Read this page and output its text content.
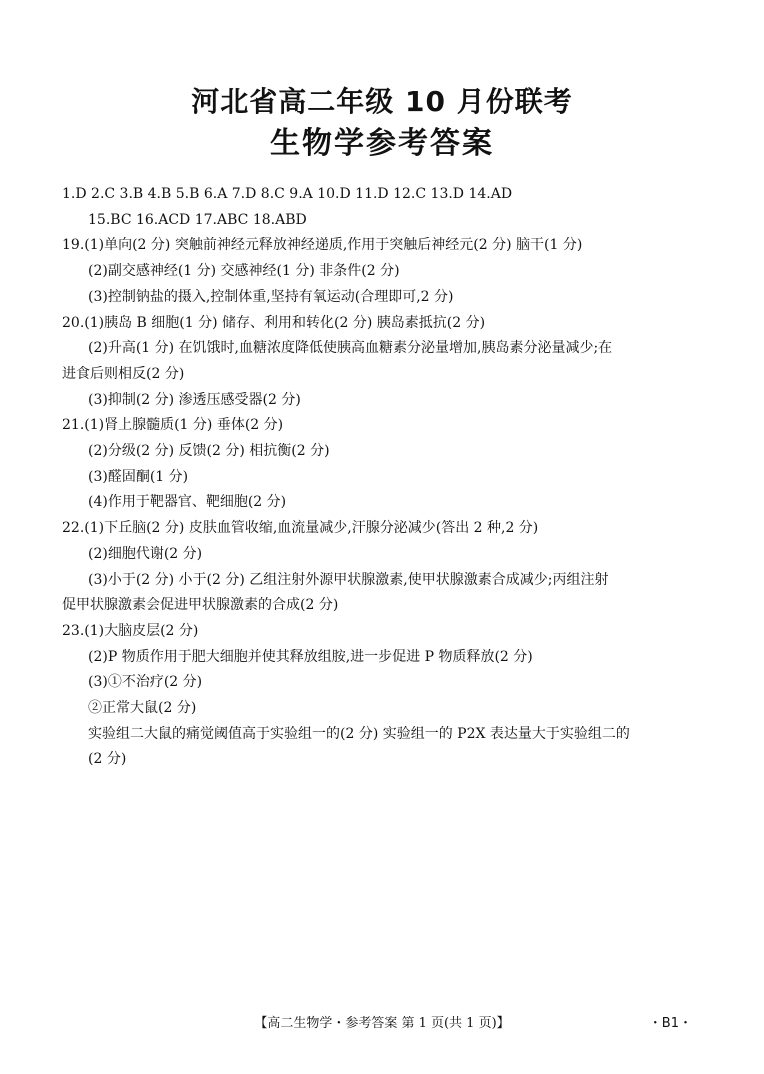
河北省高二年级 10 月份联考
生物学参考答案
1.D 2.C 3.B 4.B 5.B 6.A 7.D 8.C 9.A 10.D 11.D 12.C 13.D 14.AD
15.BC 16.ACD 17.ABC 18.ABD
19.(1)单向(2 分) 突触前神经元释放神经递质,作用于突触后神经元(2 分) 脑干(1 分)
(2)副交感神经(1 分) 交感神经(1 分) 非条件(2 分)
(3)控制钠盐的摄入,控制体重,坚持有氧运动(合理即可,2 分)
20.(1)胰岛 B 细胞(1 分) 储存、利用和转化(2 分) 胰岛素抵抗(2 分)
(2)升高(1 分) 在饥饿时,血糖浓度降低使胰高血糖素分泌量增加,胰岛素分泌量减少;在
进食后则相反(2 分)
(3)抑制(2 分) 渗透压感受器(2 分)
21.(1)肾上腺髓质(1 分) 垂体(2 分)
(2)分级(2 分) 反馈(2 分) 相抗衡(2 分)
(3)醛固酮(1 分)
(4)作用于靶器官、靶细胞(2 分)
22.(1)下丘脑(2 分) 皮肤血管收缩,血流量减少,汗腺分泌减少(答出 2 种,2 分)
(2)细胞代谢(2 分)
(3)小于(2 分) 小于(2 分) 乙组注射外源甲状腺激素,使甲状腺激素合成减少;丙组注射
促甲状腺激素会促进甲状腺激素的合成(2 分)
23.(1)大脑皮层(2 分)
(2)P 物质作用于肥大细胞并使其释放组胺,进一步促进 P 物质释放(2 分)
(3)①不治疗(2 分)
②正常大鼠(2 分)
实验组二大鼠的痛觉阈值高于实验组一的(2 分) 实验组一的 P2X 表达量大于实验组二的
(2 分)
【高二生物学・参考答案 第 1 页(共 1 页)】	・B1・
